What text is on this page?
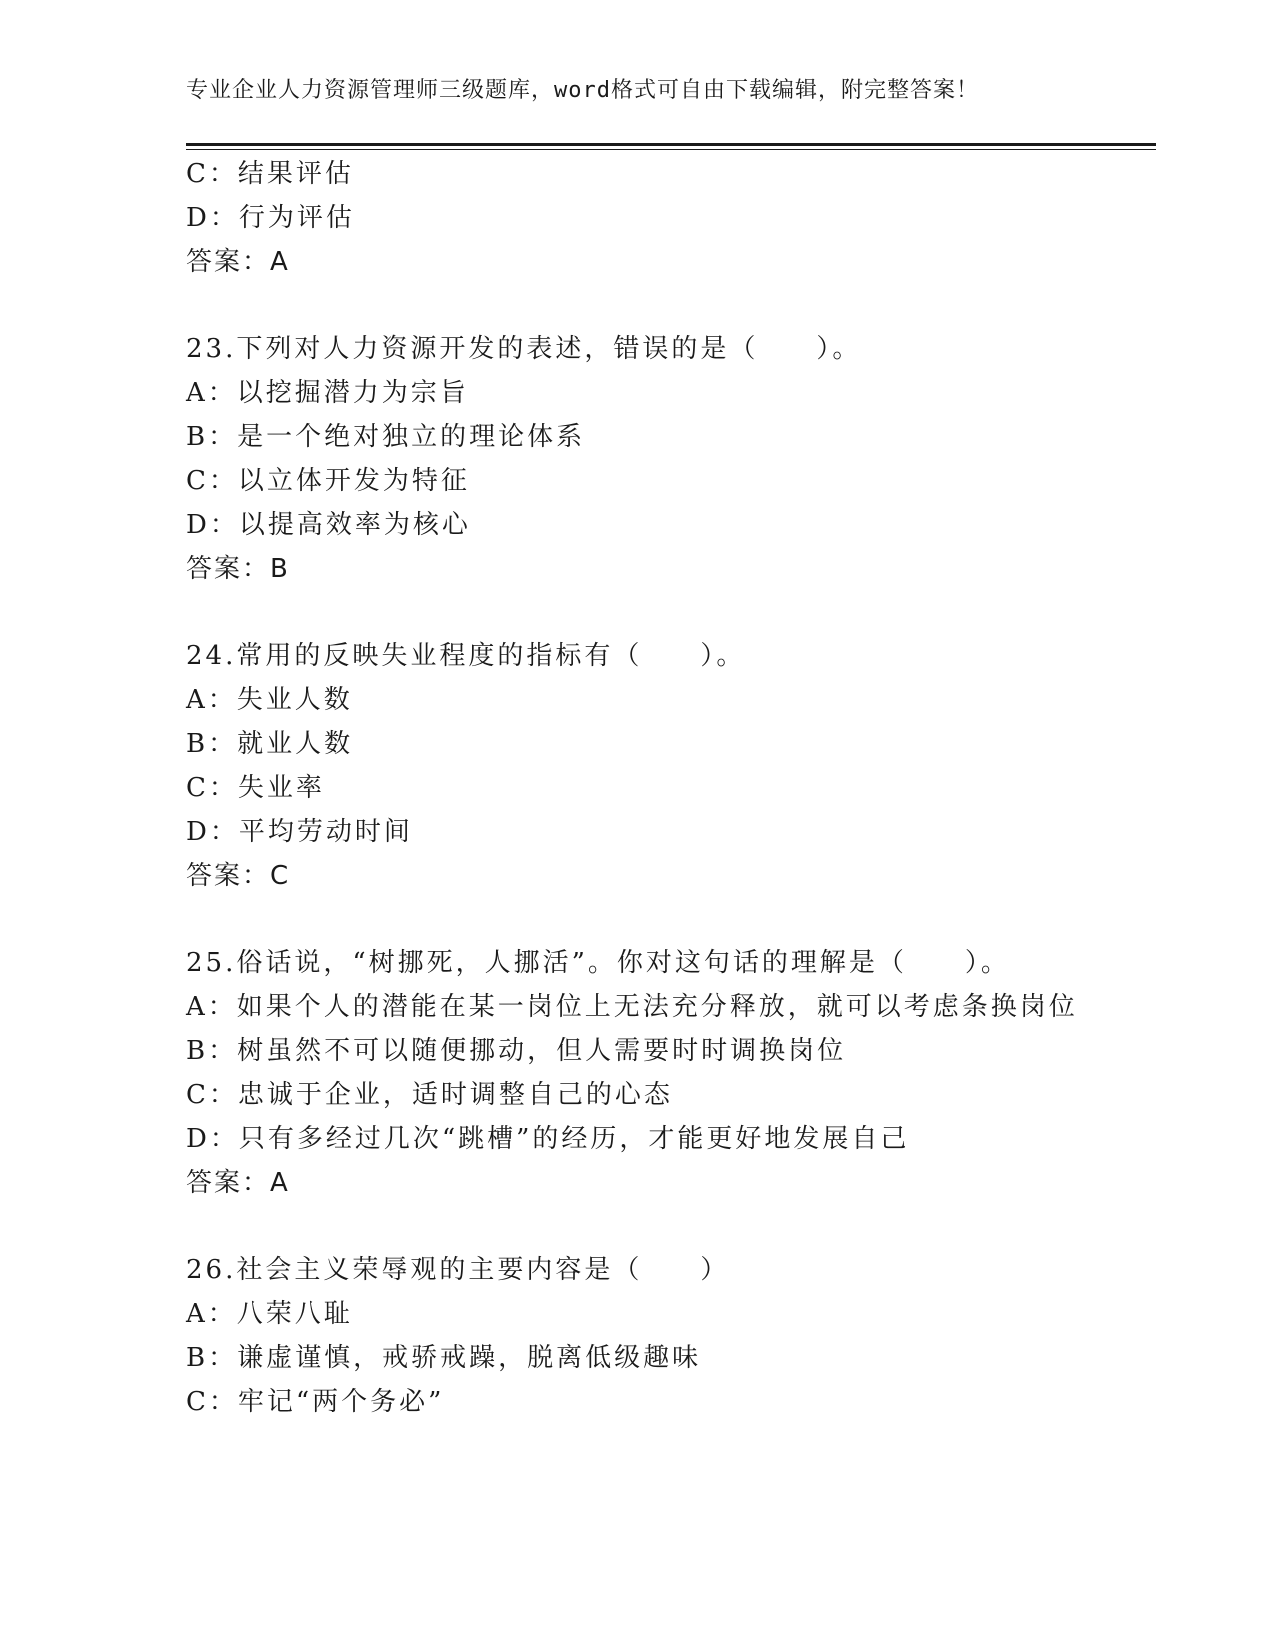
专业企业人力资源管理师三级题库，word格式可自由下载编辑，附完整答案！
C：结果评估
D：行为评估
答案：A
23.下列对人力资源开发的表述，错误的是（　　）。
A：以挖掘潜力为宗旨
B：是一个绝对独立的理论体系
C：以立体开发为特征
D：以提高效率为核心
答案：B
24.常用的反映失业程度的指标有（　　）。
A：失业人数
B：就业人数
C：失业率
D：平均劳动时间
答案：C
25.俗话说，“树挪死，人挪活”。你对这句话的理解是（　　）。
A：如果个人的潜能在某一岗位上无法充分释放，就可以考虑条换岗位
B：树虽然不可以随便挪动，但人需要时时调换岗位
C：忠诚于企业，适时调整自己的心态
D：只有多经过几次“跳槽”的经历，才能更好地发展自己
答案：A
26.社会主义荣辱观的主要内容是（　　）
A：八荣八耻
B：谦虚谨慎，戒骄戒躁，脱离低级趣味
C：牢记“两个务必”
